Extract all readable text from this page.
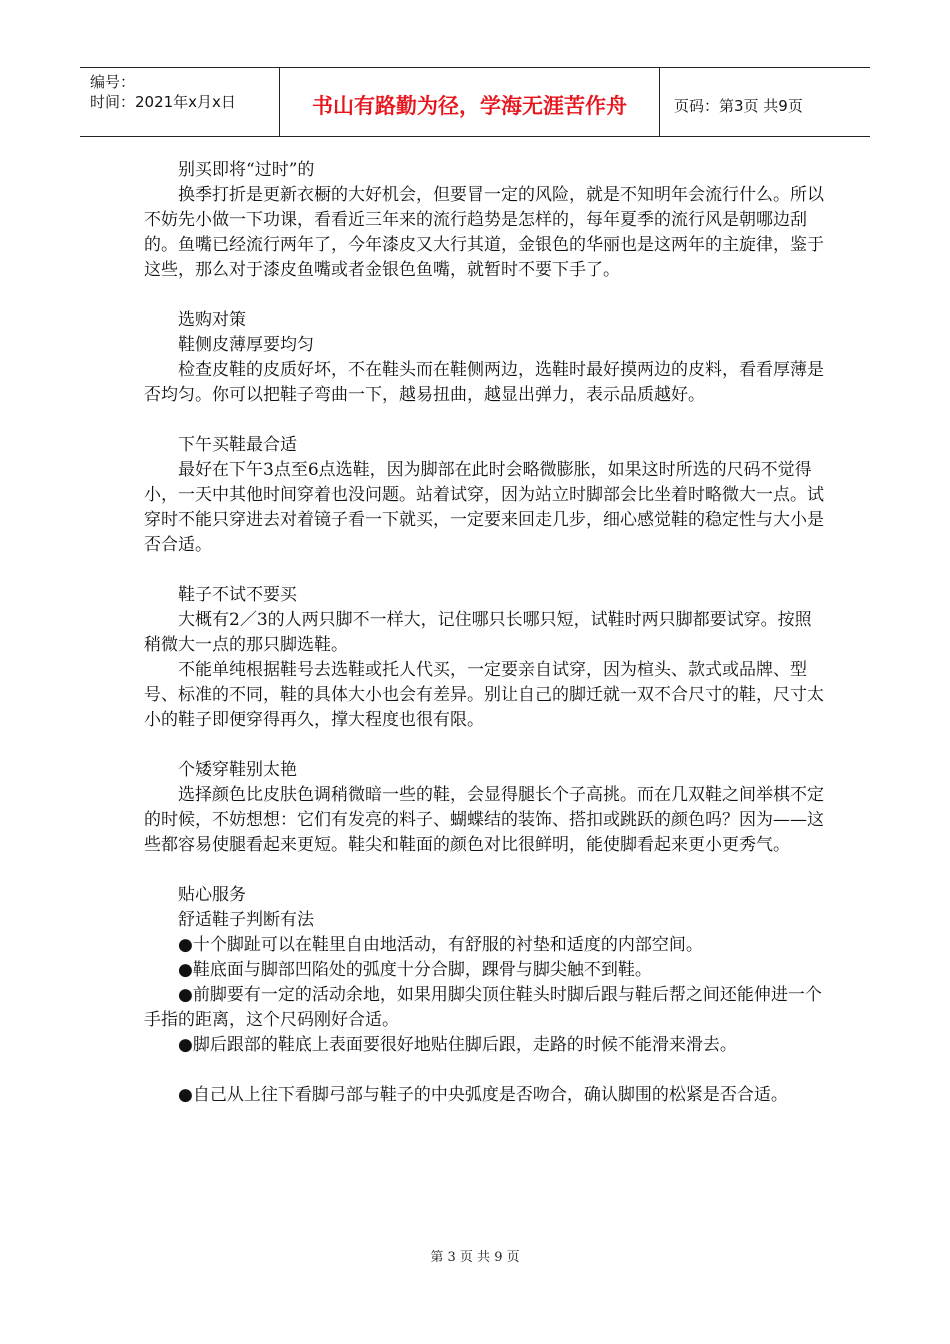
编号：
时间：2021年x月x日	书山有路勤为径，学海无涯苦作舟	页码：第3页 共9页
别买即将“过时”的

换季打折是更新衣橱的大好机会，但要冒一定的风险，就是不知明年会流行什么。所以不妨先小做一下功课，看看近三年来的流行趋势是怎样的，每年夏季的流行风是朝哪边刮的。鱼嘴已经流行两年了，今年漆皮又大行其道，金银色的华丽也是这两年的主旋律，鉴于这些，那么对于漆皮鱼嘴或者金银色鱼嘴，就暂时不要下手了。

选购对策
鞋侧皮薄厚要均匀

检查皮鞋的皮质好坏，不在鞋头而在鞋侧两边，选鞋时最好摸两边的皮料，看看厚薄是否均匀。你可以把鞋子弯曲一下，越易扭曲，越显出弹力，表示品质越好。

下午买鞋最合适

最好在下午3点至6点选鞋，因为脚部在此时会略微膨胀，如果这时所选的尺码不觉得小，一天中其他时间穿着也没问题。站着试穿，因为站立时脚部会比坐着时略微大一点。试穿时不能只穿进去对着镜子看一下就买，一定要来回走几步，细心感觉鞋的稳定性与大小是否合适。

鞋子不试不要买

大概有2／3的人两只脚不一样大，记住哪只长哪只短，试鞋时两只脚都要试穿。按照稍微大一点的那只脚选鞋。

不能单纯根据鞋号去选鞋或托人代买，一定要亲自试穿，因为楦头、款式或品牌、型号、标准的不同，鞋的具体大小也会有差异。别让自己的脚迁就一双不合尺寸的鞋，尺寸太小的鞋子即便穿得再久，撑大程度也很有限。

个矮穿鞋别太艳

选择颜色比皮肤色调稍微暗一些的鞋，会显得腿长个子高挑。而在几双鞋之间举棋不定的时候，不妨想想：它们有发亮的料子、蝴蝶结的装饰、搭扣或跳跃的颜色吗？因为——这些都容易使腿看起来更短。鞋尖和鞋面的颜色对比很鲜明，能使脚看起来更小更秀气。

贴心服务
舒适鞋子判断有法

●十个脚趾可以在鞋里自由地活动，有舒服的衬垫和适度的内部空间。

●鞋底面与脚部凹陷处的弧度十分合脚，踝骨与脚尖触不到鞋。

●前脚要有一定的活动余地，如果用脚尖顶住鞋头时脚后跟与鞋后帮之间还能伸进一个手指的距离，这个尺码刚好合适。

●脚后跟部的鞋底上表面要很好地贴住脚后跟，走路的时候不能滑来滑去。

●自己从上往下看脚弓部与鞋子的中央弧度是否吻合，确认脚围的松紧是否合适。

第 3 页 共 9 页
